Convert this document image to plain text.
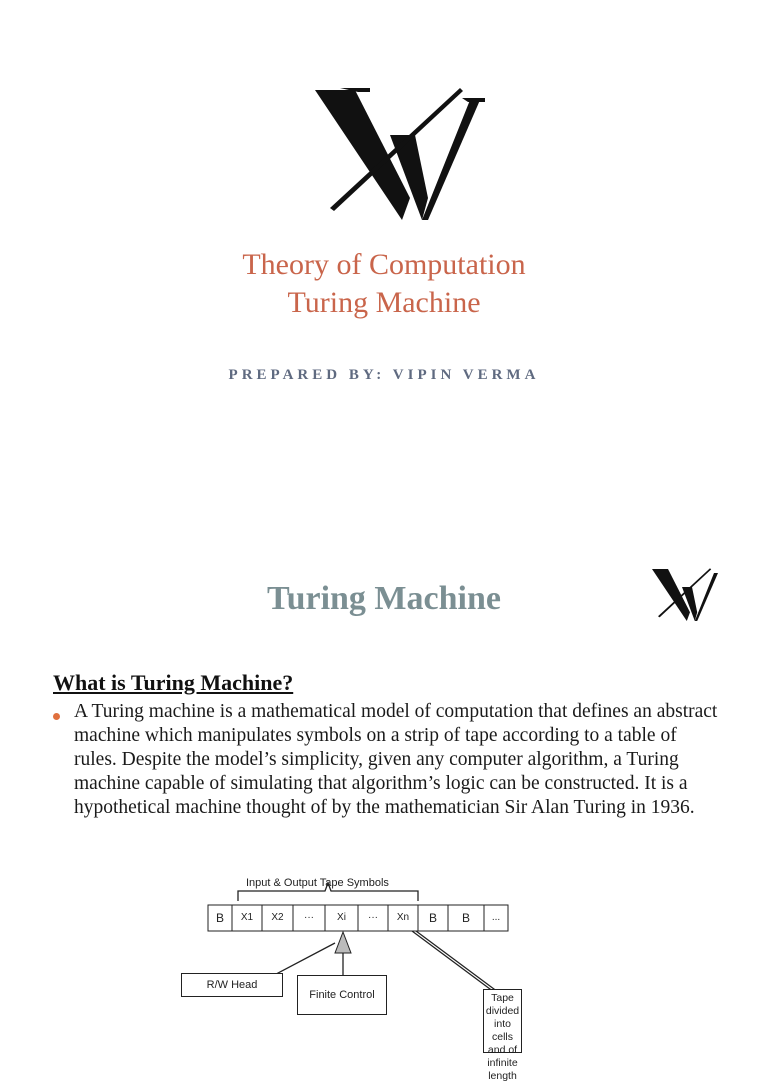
Theory of Computation
Turing Machine
PREPARED BY: VIPIN VERMA
Turing Machine
What is Turing Machine?
A Turing machine is a mathematical model of computation that defines an abstract machine which manipulates symbols on a strip of tape according to a table of rules. Despite the model’s simplicity, given any computer algorithm, a Turing machine capable of simulating that algorithm’s logic can be constructed. It is a hypothetical machine thought of by the mathematician Sir Alan Turing in 1936.
Input & Output Tape Symbols
B	X1	X2	···	Xi	···	Xn	B	B	...
R/W Head
Finite Control	Tape divided into cells and of infinite length
